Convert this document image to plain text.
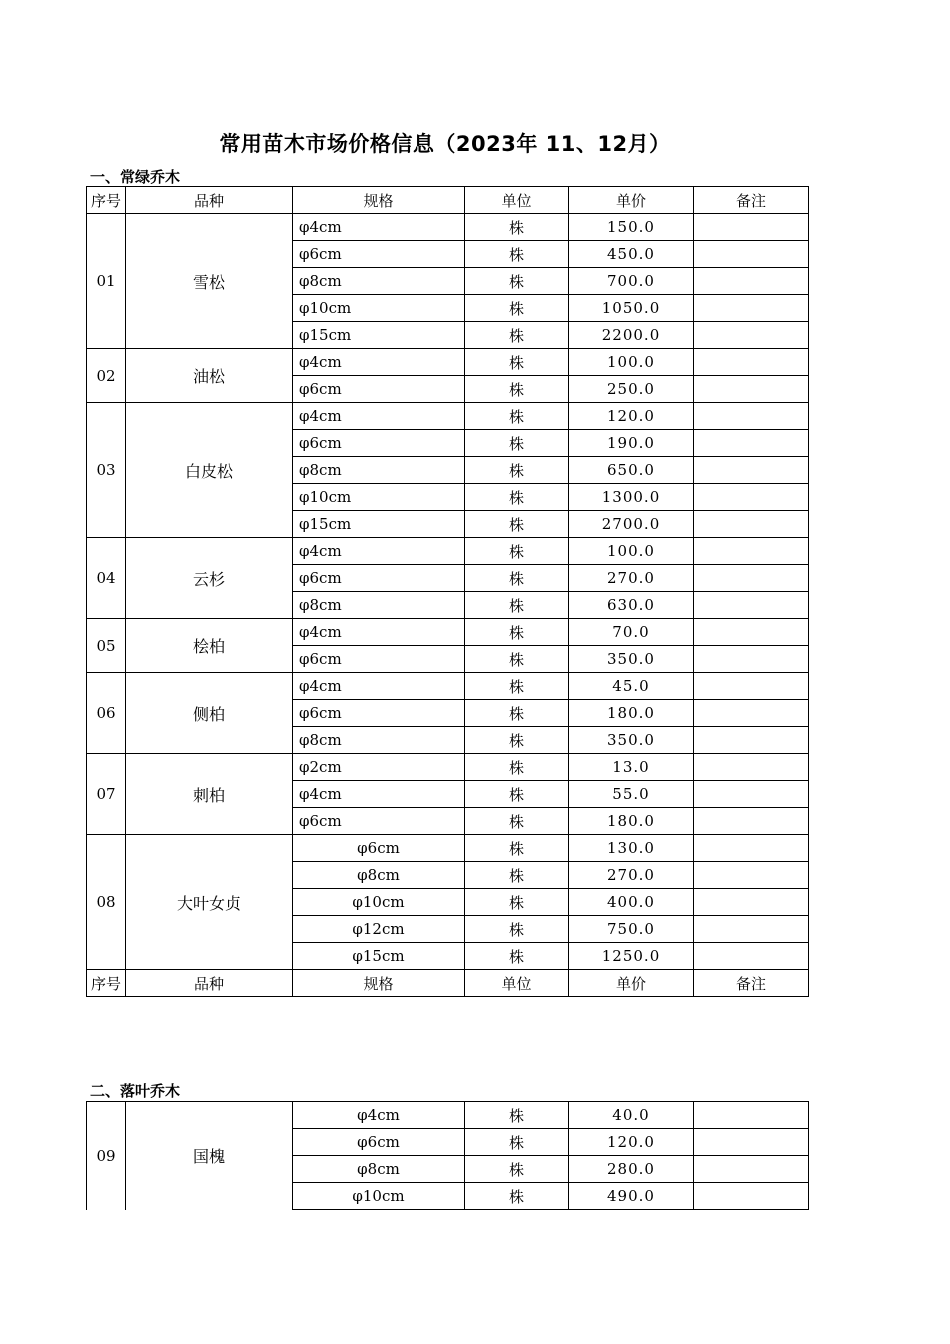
常用苗木市场价格信息（2023年 11、12月）
一、常绿乔木
序号	品种	规格	单位	单价	备注
01	雪松	φ4cm	株	150.0	
		φ6cm	株	450.0	
		φ8cm	株	700.0	
		φ10cm	株	1050.0	
		φ15cm	株	2200.0	
02	油松	φ4cm	株	100.0	
		φ6cm	株	250.0	
03	白皮松	φ4cm	株	120.0	
		φ6cm	株	190.0	
		φ8cm	株	650.0	
		φ10cm	株	1300.0	
		φ15cm	株	2700.0	
04	云杉	φ4cm	株	100.0	
		φ6cm	株	270.0	
		φ8cm	株	630.0	
05	桧柏	φ4cm	株	70.0	
		φ6cm	株	350.0	
06	侧柏	φ4cm	株	45.0	
		φ6cm	株	180.0	
		φ8cm	株	350.0	
07	刺柏	φ2cm	株	13.0	
		φ4cm	株	55.0	
		φ6cm	株	180.0	
08	大叶女贞	φ6cm	株	130.0	
		φ8cm	株	270.0	
		φ10cm	株	400.0	
		φ12cm	株	750.0	
		φ15cm	株	1250.0	
序号	品种	规格	单位	单价	备注
二、落叶乔木
09	国槐	φ4cm	株	40.0	
		φ6cm	株	120.0	
		φ8cm	株	280.0	
		φ10cm	株	490.0	
